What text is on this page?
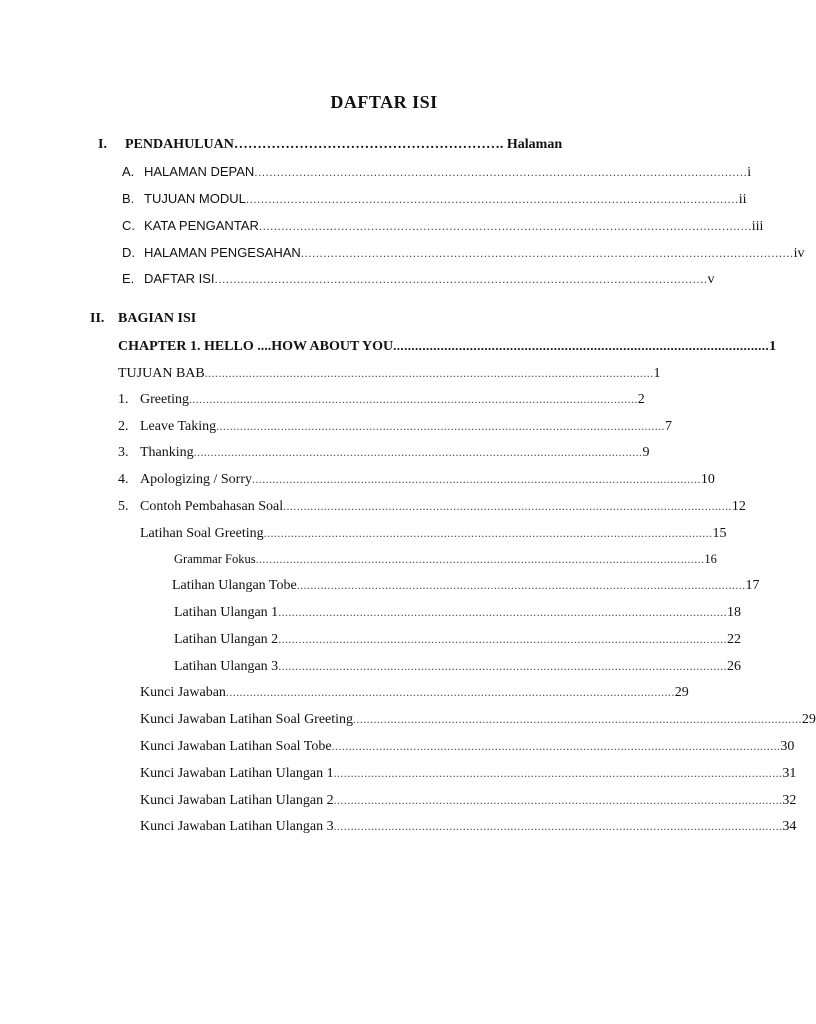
DAFTAR ISI
I. PENDAHULUAN…………………………………………………. Halaman
A. HALAMAN DEPAN .................................................................................................................................... i
B. TUJUAN MODUL .................................................................................................................................... ii
C. KATA PENGANTAR .................................................................................................................................... iii
D. HALAMAN PENGESAHAN .................................................................................................................................... iv
E. DAFTAR ISI .................................................................................................................................... v
II. BAGIAN ISI
CHAPTER 1. HELLO ....HOW ABOUT YOU ....................................................................................................... 1
TUJUAN BAB .................................................................................................................................... 1
1. Greeting .................................................................................................................................... 2
2. Leave Taking .................................................................................................................................... 7
3. Thanking .................................................................................................................................... 9
4. Apologizing / Sorry .................................................................................................................................... 10
5. Contoh Pembahasan Soal .................................................................................................................................... 12
Latihan Soal Greeting .................................................................................................................................... 15
Grammar Fokus .................................................................................................................................... 16
Latihan Ulangan Tobe .................................................................................................................................... 17
Latihan Ulangan 1 .................................................................................................................................... 18
Latihan Ulangan 2 .................................................................................................................................... 22
Latihan Ulangan 3 .................................................................................................................................... 26
Kunci Jawaban .................................................................................................................................... 29
Kunci Jawaban Latihan Soal Greeting .................................................................................................................................... 29
Kunci Jawaban Latihan Soal Tobe .................................................................................................................................... 30
Kunci Jawaban Latihan Ulangan 1 .................................................................................................................................... 31
Kunci Jawaban Latihan Ulangan 2 .................................................................................................................................... 32
Kunci Jawaban Latihan Ulangan 3 .................................................................................................................................... 34
